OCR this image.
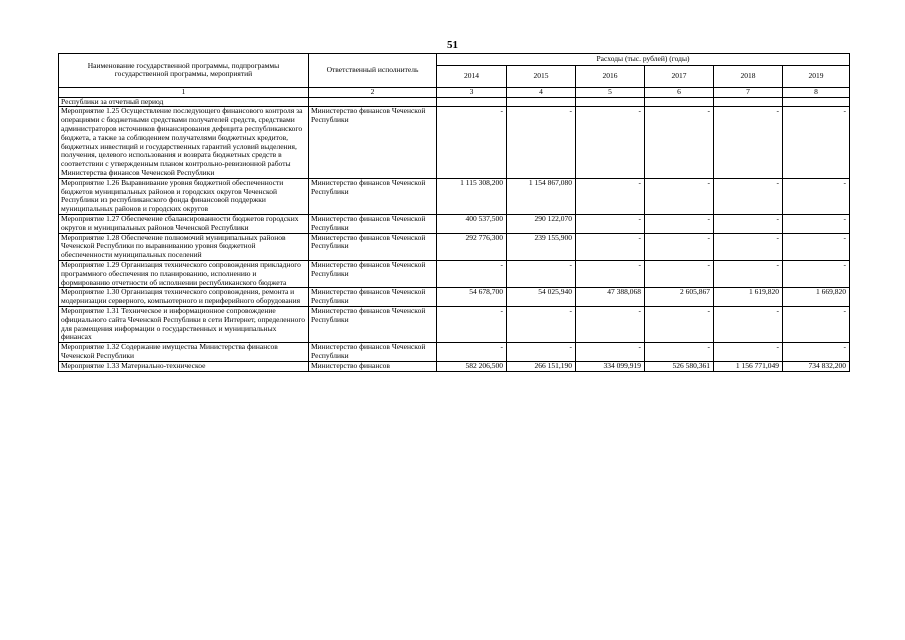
51
Наименование государственной программы, подпрограммы государственной программы, мероприятий	Ответственный исполнитель	Расходы (тыс. рублей) (годы)					
		2014	2015	2016	2017	2018	2019
1	2	3	4	5	6	7	8
Республики за отчетный период							
Мероприятие 1.25 Осуществление последующего финансового контроля за операциями с бюджетными средствами получателей средств, средствами администраторов источников финансирования дефицита республиканского бюджета, а также за соблюдением получателями бюджетных кредитов, бюджетных инвестиций и государственных гарантий условий выделения, получения, целевого использования и возврата бюджетных средств в соответствии с утвержденным планом контрольно-ревизионной работы Министерства финансов Чеченской Республики	Министерство финансов Чеченской Республики	-	-	-	-	-	-
Мероприятие 1.26 Выравнивание уровня бюджетной обеспеченности бюджетов муниципальных районов и городских округов Чеченской Республики из республиканского фонда финансовой поддержки муниципальных районов и городских округов	Министерство финансов Чеченской Республики	1 115 308,200	1 154 867,080	-	-	-	-
Мероприятие 1.27 Обеспечение сбалансированности бюджетов городских округов и муниципальных районов Чеченской Республики	Министерство финансов Чеченской Республики	400 537,500	290 122,070	-	-	-	-
Мероприятие 1.28 Обеспечение полномочий муниципальных районов Чеченской Республики по выравниванию уровня бюджетной обеспеченности муниципальных поселений	Министерство финансов Чеченской Республики	292 776,300	239 155,900	-	-	-	-
Мероприятие 1.29 Организация технического сопровождения прикладного программного обеспечения по планированию, исполнению и формированию отчетности об исполнении республиканского бюджета	Министерство финансов Чеченской Республики	-	-	-	-	-	-
Мероприятие 1.30 Организация технического сопровождения, ремонта и модернизации серверного, компьютерного и периферийного оборудования	Министерство финансов Чеченской Республики	54 678,700	54 025,940	47 388,068	2 605,867	1 619,820	1 669,820
Мероприятие 1.31 Техническое и информационное сопровождение официального сайта Чеченской Республики в сети Интернет, определенного для размещения информации о государственных и муниципальных финансах	Министерство финансов Чеченской Республики	-	-	-	-	-	-
Мероприятие 1.32 Содержание имущества Министерства финансов Чеченской Республики	Министерство финансов Чеченской Республики	-	-	-	-	-	-
Мероприятие 1.33 Материально-техническое	Министерство финансов	582 206,500	266 151,190	334 099,919	526 580,361	1 156 771,049	734 832,200
